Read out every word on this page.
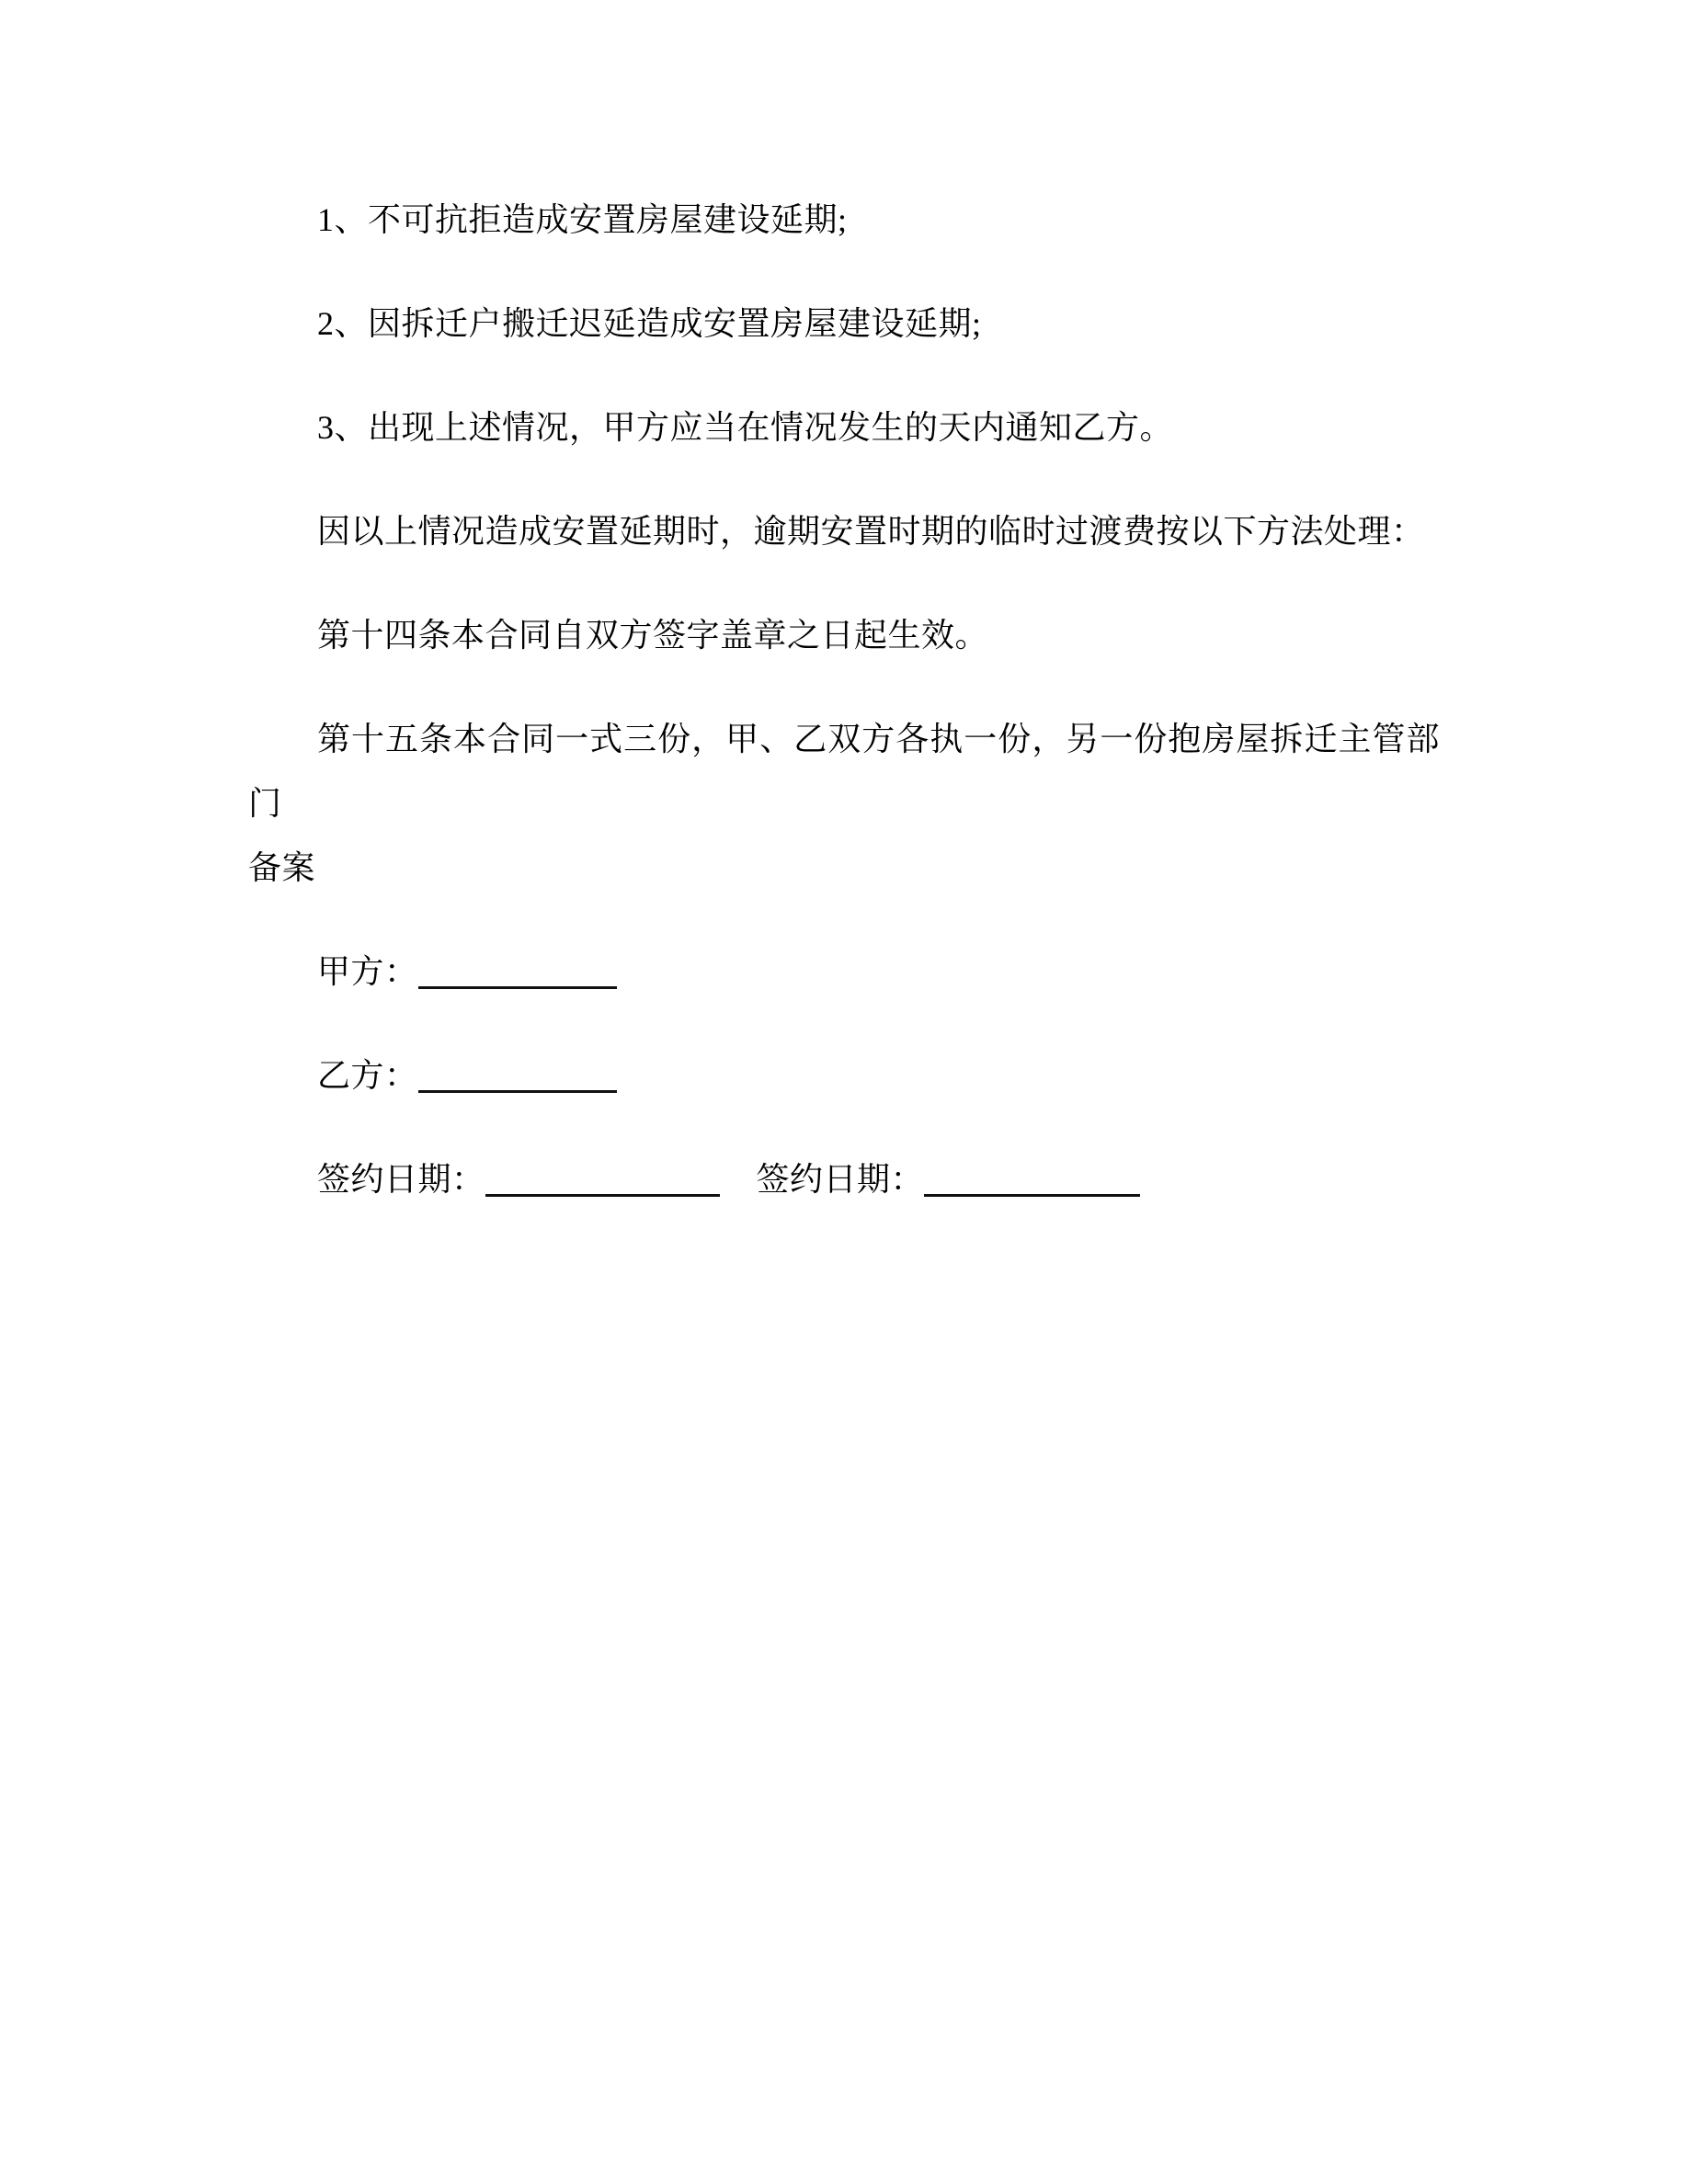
1、不可抗拒造成安置房屋建设延期;

2、因拆迁户搬迁迟延造成安置房屋建设延期;

3、出现上述情况，甲方应当在情况发生的天内通知乙方。

因以上情况造成安置延期时，逾期安置时期的临时过渡费按以下方法处理：

第十四条本合同自双方签字盖章之日起生效。

第十五条本合同一式三份，甲、乙双方各执一份，另一份抱房屋拆迁主管部门

备案

甲方：

乙方：

签约日期：	签约日期：
